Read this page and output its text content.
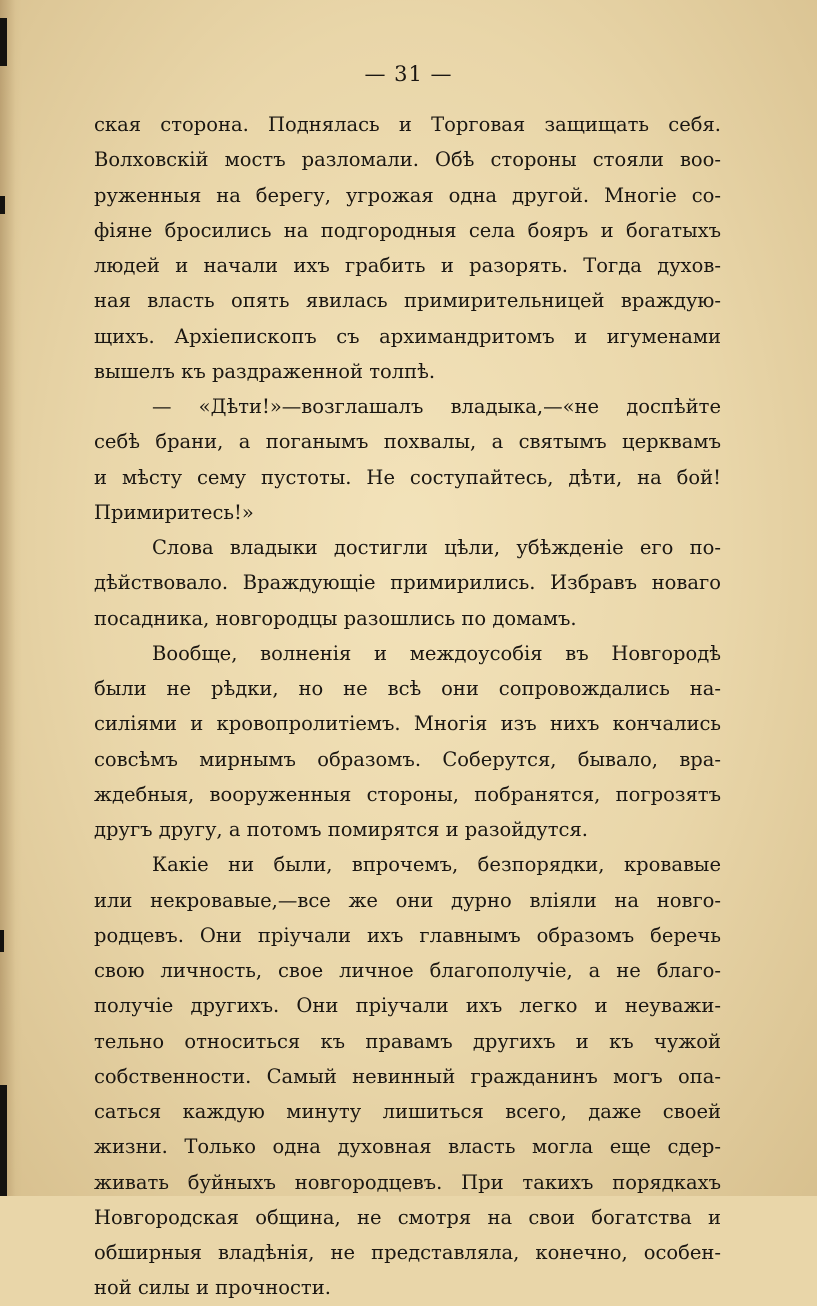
— 31 —
ская сторона. Поднялась и Торговая защищать себя.
Волховскій мостъ разломали. Обѣ стороны стояли воо-
руженныя на берегу, угрожая одна другой. Многіе со-
фіяне бросились на подгородныя села бояръ и богатыхъ
людей и начали ихъ грабить и разорять. Тогда духов-
ная власть опять явилась примирительницей враждую-
щихъ. Архіепископъ съ архимандритомъ и игуменами
вышелъ къ раздраженной толпѣ.
— «Дѣти!»—возглашалъ владыка,—«не доспѣйте
себѣ брани, а поганымъ похвалы, а святымъ церквамъ
и мѣсту сему пустоты. Не соступайтесь, дѣти, на бой!
Примиритесь!»
Слова владыки достигли цѣли, убѣжденіе его по-
дѣйствовало. Враждующіе примирились. Избравъ новаго
посадника, новгородцы разошлись по домамъ.
Вообще, волненія и междоусобія въ Новгородѣ
были не рѣдки, но не всѣ они сопровождались на-
силіями и кровопролитіемъ. Многія изъ нихъ кончались
совсѣмъ мирнымъ образомъ. Соберутся, бывало, вра-
ждебныя, вооруженныя стороны, побранятся, погрозятъ
другъ другу, а потомъ помирятся и разойдутся.
Какіе ни были, впрочемъ, безпорядки, кровавые
или некровавые,—все же они дурно вліяли на новго-
родцевъ. Они пріучали ихъ главнымъ образомъ беречь
свою личность, свое личное благополучіе, а не благо-
получіе другихъ. Они пріучали ихъ легко и неуважи-
тельно относиться къ правамъ другихъ и къ чужой
собственности. Самый невинный гражданинъ могъ опа-
саться каждую минуту лишиться всего, даже своей
жизни. Только одна духовная власть могла еще сдер-
живать буйныхъ новгородцевъ. При такихъ порядкахъ
Новгородская община, не смотря на свои богатства и
обширныя владѣнія, не представляла, конечно, особен-
ной силы и прочности.
